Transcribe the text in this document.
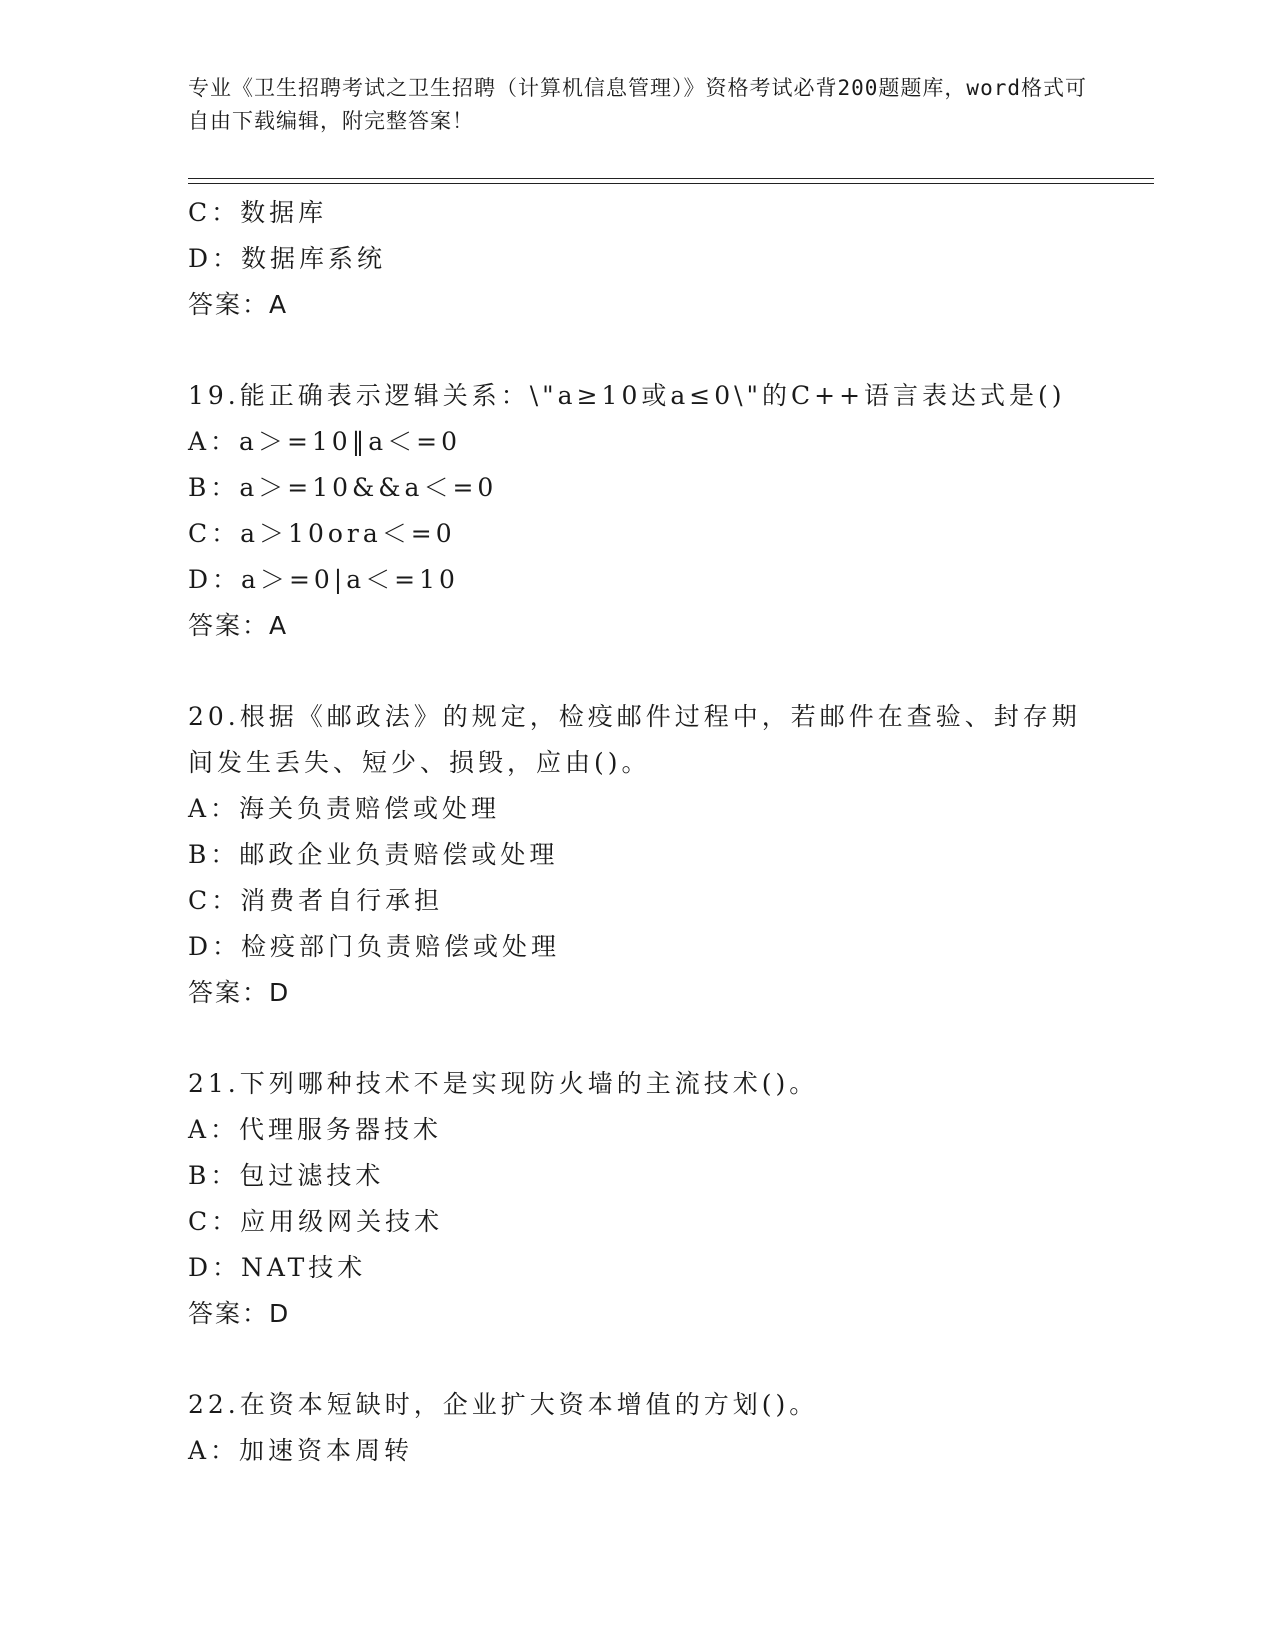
专业《卫生招聘考试之卫生招聘（计算机信息管理）》资格考试必背200题题库，word格式可自由下载编辑，附完整答案！
C：数据库
D：数据库系统
答案：A
19.能正确表示逻辑关系：\"a≥10或a≤0\"的C++语言表达式是()
A：a＞=10‖a＜=0
B：a＞=10&&a＜=0
C：a＞10ora＜=0
D：a＞=0|a＜=10
答案：A
20.根据《邮政法》的规定，检疫邮件过程中，若邮件在查验、封存期间发生丢失、短少、损毁，应由()。
A：海关负责赔偿或处理
B：邮政企业负责赔偿或处理
C：消费者自行承担
D：检疫部门负责赔偿或处理
答案：D
21.下列哪种技术不是实现防火墙的主流技术()。
A：代理服务器技术
B：包过滤技术
C：应用级网关技术
D：NAT技术
答案：D
22.在资本短缺时，企业扩大资本增值的方划()。
A：加速资本周转
